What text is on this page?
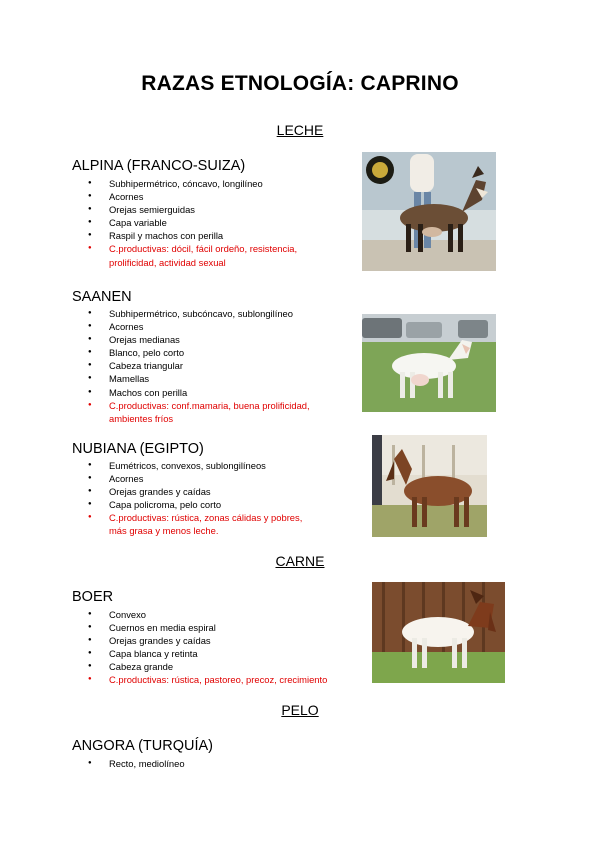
RAZAS ETNOLOGÍA: CAPRINO
LECHE
ALPINA (FRANCO-SUIZA)
● Subhipermétrico, cóncavo, longilíneo
● Acornes
● Orejas semierguidas
● Capa variable
● Raspil y machos con perilla
● C.productivas: dócil, fácil ordeño, resistencia,
prolificidad, actividad sexual
SAANEN
● Subhipermétrico, subcóncavo, sublongilíneo
● Acornes
● Orejas medianas
● Blanco, pelo corto
● Cabeza triangular
● Mamellas
● Machos con perilla
● C.productivas: conf.mamaria, buena prolificidad,
ambientes fríos
NUBIANA (EGIPTO)
● Eumétricos, convexos, sublongilíneos
● Acornes
● Orejas grandes y caídas
● Capa policroma, pelo corto
● C.productivas: rústica, zonas cálidas y pobres,
más grasa y menos leche.
CARNE
BOER
● Convexo
● Cuernos en media espiral
● Orejas grandes y caídas
● Capa blanca y retinta
● Cabeza grande
● C.productivas: rústica, pastoreo, precoz, crecimiento
PELO
ANGORA (TURQUÍA)
● Recto, mediolíneo
